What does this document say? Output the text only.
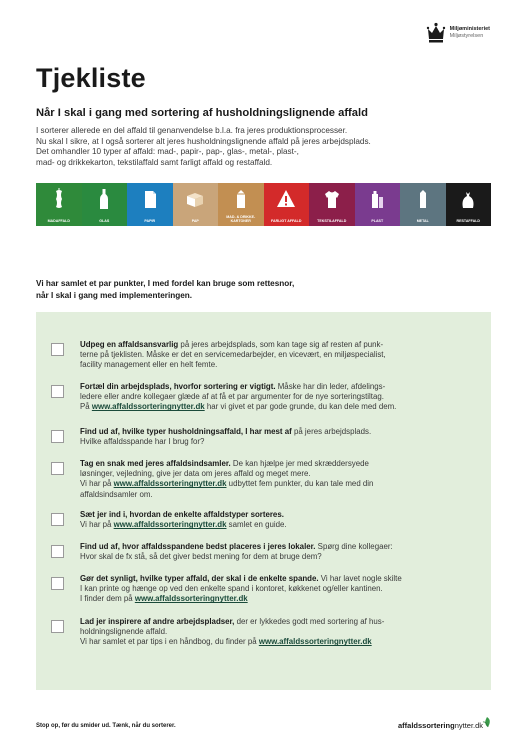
Miljøministeriet
Miljøstyrelsen
Tjekliste
Når I skal i gang med sortering af husholdningslignende affald
I sorterer allerede en del affald til genanvendelse b.l.a. fra jeres produktionsprocesser.
Nu skal I sikre, at I også sorterer alt jeres husholdningslignende affald på jeres arbejdsplads.
Det omhandler 10 typer af affald: mad-, papir-, pap-, glas-, metal-, plast-,
mad- og drikkekarton, tekstilaffald samt farligt affald og restaffald.
MADAFFALD	GLAS	PAPIR	PAP
MAD- & DRIKKE-
KARTONER	FARLIGT AFFALD	TEKSTILAFFALD	PLAST	METAL	RESTAFFALD
Vi har samlet et par punkter, I med fordel kan bruge som rettesnor,
når I skal i gang med implementeringen.
Udpeg en affaldsansvarlig på jeres arbejdsplads, som kan tage sig af resten af punk-
terne på tjeklisten. Måske er det en servicemedarbejder, en vicevært, en miljøspecialist,
facility management eller en helt femte.
Fortæl din arbejdsplads, hvorfor sortering er vigtigt. Måske har din leder, afdelings-
ledere eller andre kollegaer glæde af at få et par argumenter for de nye sorteringstiltag.
På www.affaldssorteringnytter.dk har vi givet et par gode grunde, du kan dele med dem.
Find ud af, hvilke typer husholdningsaffald, I har mest af på jeres arbejdsplads.
Hvilke affaldsspande har I brug for?
Tag en snak med jeres affaldsindsamler. De kan hjælpe jer med skræddersyede
løsninger, vejledning, give jer data om jeres affald og meget mere.
Vi har på www.affaldssorteringnytter.dk udbyttet fem punkter, du kan tale med din
affaldsindsamler om.
Sæt jer ind i, hvordan de enkelte affaldstyper sorteres.
Vi har på www.affaldssorteringnytter.dk samlet en guide.
Find ud af, hvor affaldsspandene bedst placeres i jeres lokaler. Spørg dine kollegaer:
Hvor skal de fx stå, så det giver bedst mening for dem at bruge dem?
Gør det synligt, hvilke typer affald, der skal i de enkelte spande. Vi har lavet nogle skilte
I kan printe og hænge op ved den enkelte spand i kontoret, køkkenet og/eller kantinen.
I finder dem på www.affaldssorteringnytter.dk
Lad jer inspirere af andre arbejdspladser, der er lykkedes godt med sortering af hus-
holdningslignende affald.
Vi har samlet et par tips i en håndbog, du finder på www.affaldssorteringnytter.dk
Stop op, før du smider ud. Tænk, når du sorterer.	affaldssorteringnytter.dk
